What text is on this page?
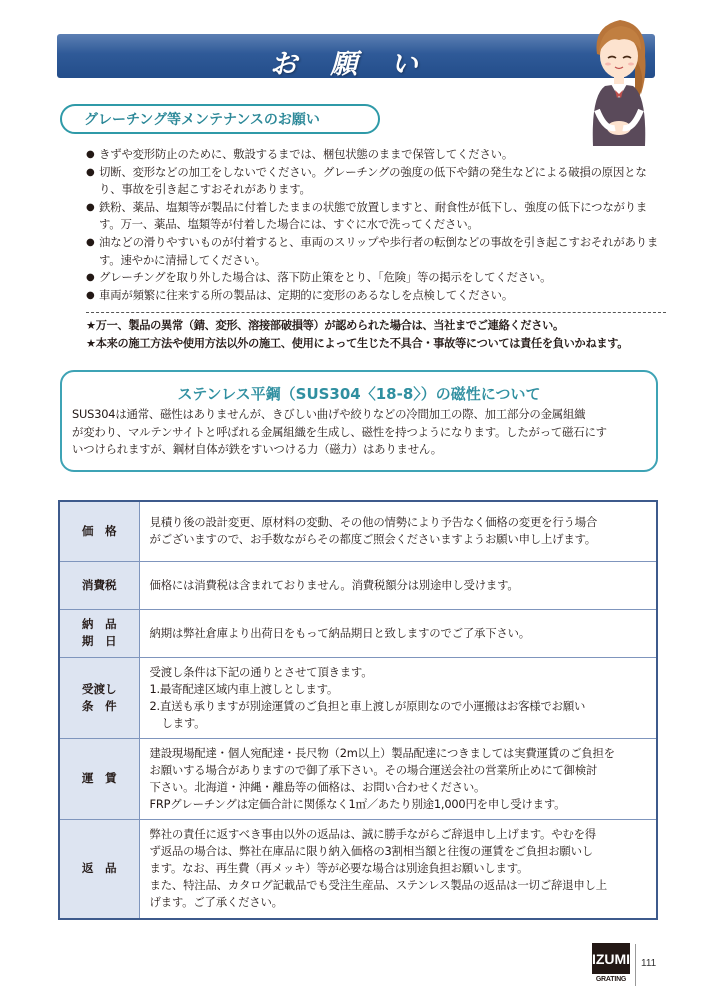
お 願 い
グレーチング等メンテナンスのお願い
● きずや変形防止のために、敷設するまでは、梱包状態のままで保管してください。
● 切断、変形などの加工をしないでください。グレーチングの強度の低下や錆の発生などによる破損の原因となり、事故を引き起こすおそれがあります。
● 鉄粉、薬品、塩類等が製品に付着したままの状態で放置しますと、耐食性が低下し、強度の低下につながります。万一、薬品、塩類等が付着した場合には、すぐに水で洗ってください。
● 油などの滑りやすいものが付着すると、車両のスリップや歩行者の転倒などの事故を引き起こすおそれがあります。速やかに清掃してください。
● グレーチングを取り外した場合は、落下防止策をとり、「危険」等の掲示をしてください。
● 車両が頻繁に往来する所の製品は、定期的に変形のあるなしを点検してください。

★万一、製品の異常（錆、変形、溶接部破損等）が認められた場合は、当社までご連絡ください。

★本来の施工方法や使用方法以外の施工、使用によって生じた不具合・事故等については責任を負いかねます。

ステンレス平鋼（SUS304〈18-8〉）の磁性について

SUS304は通常、磁性はありませんが、きびしい曲げや絞りなどの冷間加工の際、加工部分の金属組織

が変わり、マルテンサイトと呼ばれる金属組織を生成し、磁性を持つようになります。したがって磁石にす

いつけられますが、鋼材自体が鉄をすいつける力（磁力）はありません。

価　格	見積り後の設計変更、原材料の変動、その他の情勢により予告なく価格の変更を行う場合
がございますので、お手数ながらその都度ご照会くださいますようお願い申し上げます。

消費税	価格には消費税は含まれておりません。消費税額分は別途申し受けます。

納　品
期　日	納期は弊社倉庫より出荷日をもって納品期日と致しますのでご了承下さい。

受渡し
条　件	受渡し条件は下記の通りとさせて頂きます。
1.最寄配達区域内車上渡しとします。
2.直送も承りますが別途運賃のご負担と車上渡しが原則なので小運搬はお客様でお願い
します。

運　賃	建設現場配達・個人宛配達・長尺物（2m以上）製品配達につきましては実費運賃のご負担を
お願いする場合がありますので御了承下さい。その場合運送会社の営業所止めにて御検討
下さい。北海道・沖縄・離島等の価格は、お問い合わせください。
FRPグレーチングは定価合計に関係なく1㎡／あたり別途1,000円を申し受けます。

返　品	弊社の責任に返すべき事由以外の返品は、誠に勝手ながらご辞退申し上げます。やむを得
ず返品の場合は、弊社在庫品に限り納入価格の3割相当額と往復の運賃をご負担お願いし
ます。なお、再生費（再メッキ）等が必要な場合は別途負担お願いします。
また、特注品、カタログ記載品でも受注生産品、ステンレス製品の返品は一切ご辞退申し上
げます。ご了承ください。
IZUMI
GRATING
111
